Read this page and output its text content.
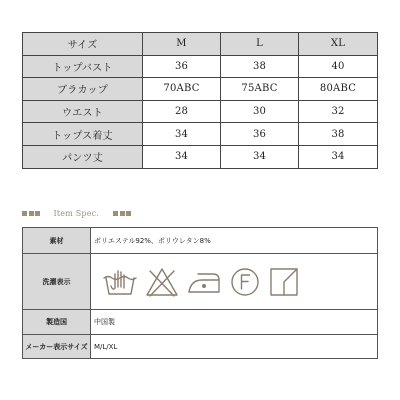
サイズ	M	L	XL
トップバスト	36	38	40
ブラカップ	70ABC	75ABC	80ABC
ウエスト	28	30	32
トップス着丈	34	36	38
パンツ丈	34	34	34
Item Spec.
素材	ポリエステル92%、ポリウレタン8%
洗濯表示	

製造国	中国製
メーカー表示サイズ	M/L/XL
